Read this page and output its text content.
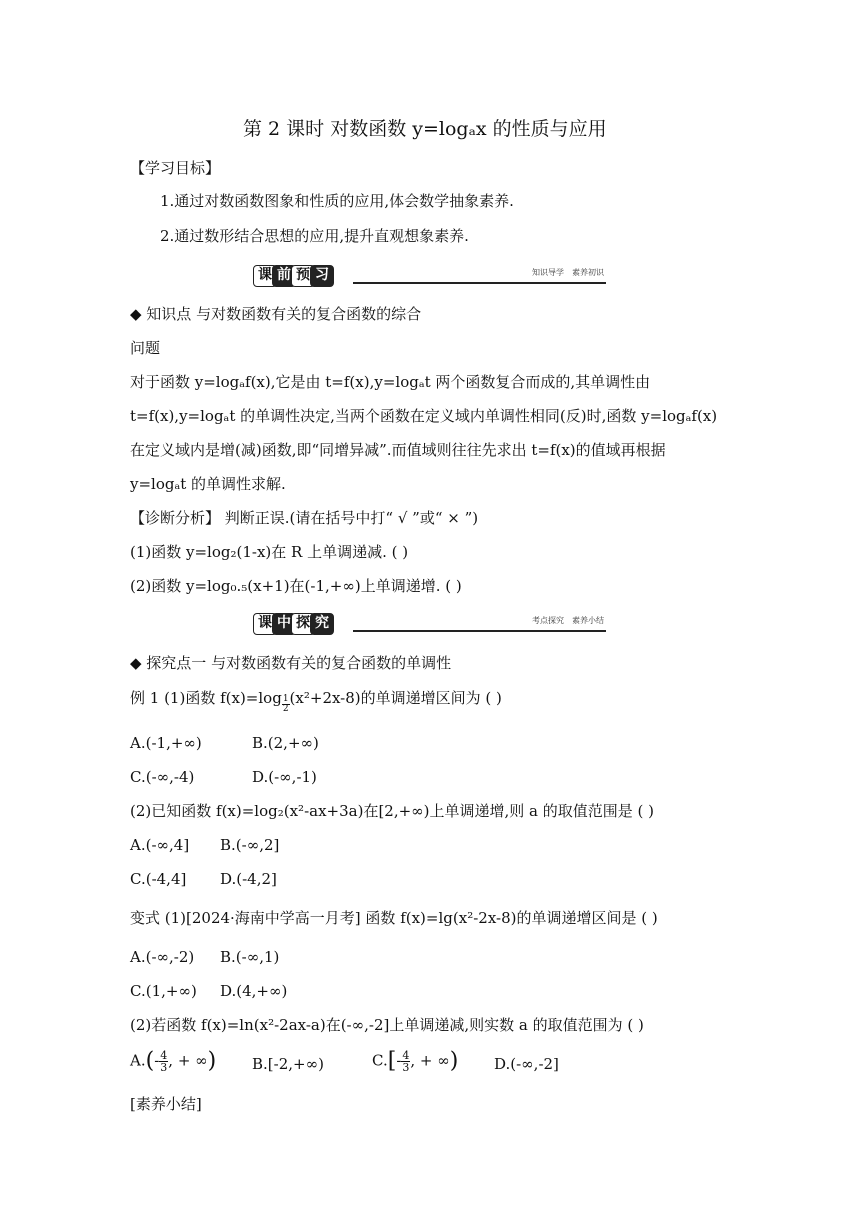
第 2 课时 对数函数 y=logₐx 的性质与应用
【学习目标】
1.通过对数函数图象和性质的应用,体会数学抽象素养.
2.通过数形结合思想的应用,提升直观想象素养.
课 前 预 习	知识导学　素养初识
◆ 知识点 与对数函数有关的复合函数的综合
问题
对于函数 y=logₐf(x),它是由 t=f(x),y=logₐt 两个函数复合而成的,其单调性由
t=f(x),y=logₐt 的单调性决定,当两个函数在定义域内单调性相同(反)时,函数 y=logₐf(x)
在定义域内是增(减)函数,即“同增异减”.而值域则往往先求出 t=f(x)的值域再根据
y=logₐt 的单调性求解.
【诊断分析】 判断正误.(请在括号中打“ √ ”或“ × ”)
(1)函数 y=log₂(1-x)在 R 上单调递减. ( )
(2)函数 y=log₀.₅(x+1)在(-1,+∞)上单调递增. ( )
课 中 探 究	考点探究　素养小结
◆ 探究点一 与对数函数有关的复合函数的单调性
例 1 (1)函数 $f(x)=\log \frac{1}{2} (x^2+2x-8)$的单调递增区间为 ( )
A.(-1,+∞)	B.(2,+∞)
C.(-∞,-4)	D.(-∞,-1)
(2)已知函数 f(x)=log₂(x²-ax+3a)在[2,+∞)上单调递增,则 a 的取值范围是 ( )
A.(-∞,4] B.(-∞,2]
C.(-4,4] D.(-4,2]
变式 (1)[2024·海南中学高一月考] 函数 f(x)=lg(x²-2x-8)的单调递增区间是 ( )
A.(-∞,-2) B.(-∞,1)
C.(1,+∞) D.(4,+∞)
(2)若函数 f(x)=ln(x²-2ax-a)在(-∞,-2]上单调递减,则实数 a 的取值范围为 ( )
$A.(- \frac{4}{3}$ , + ∞) B.[-2,+∞)	$C.[- \frac{4}{3}$ , + ∞) D.(-∞,-2]
[素养小结]
